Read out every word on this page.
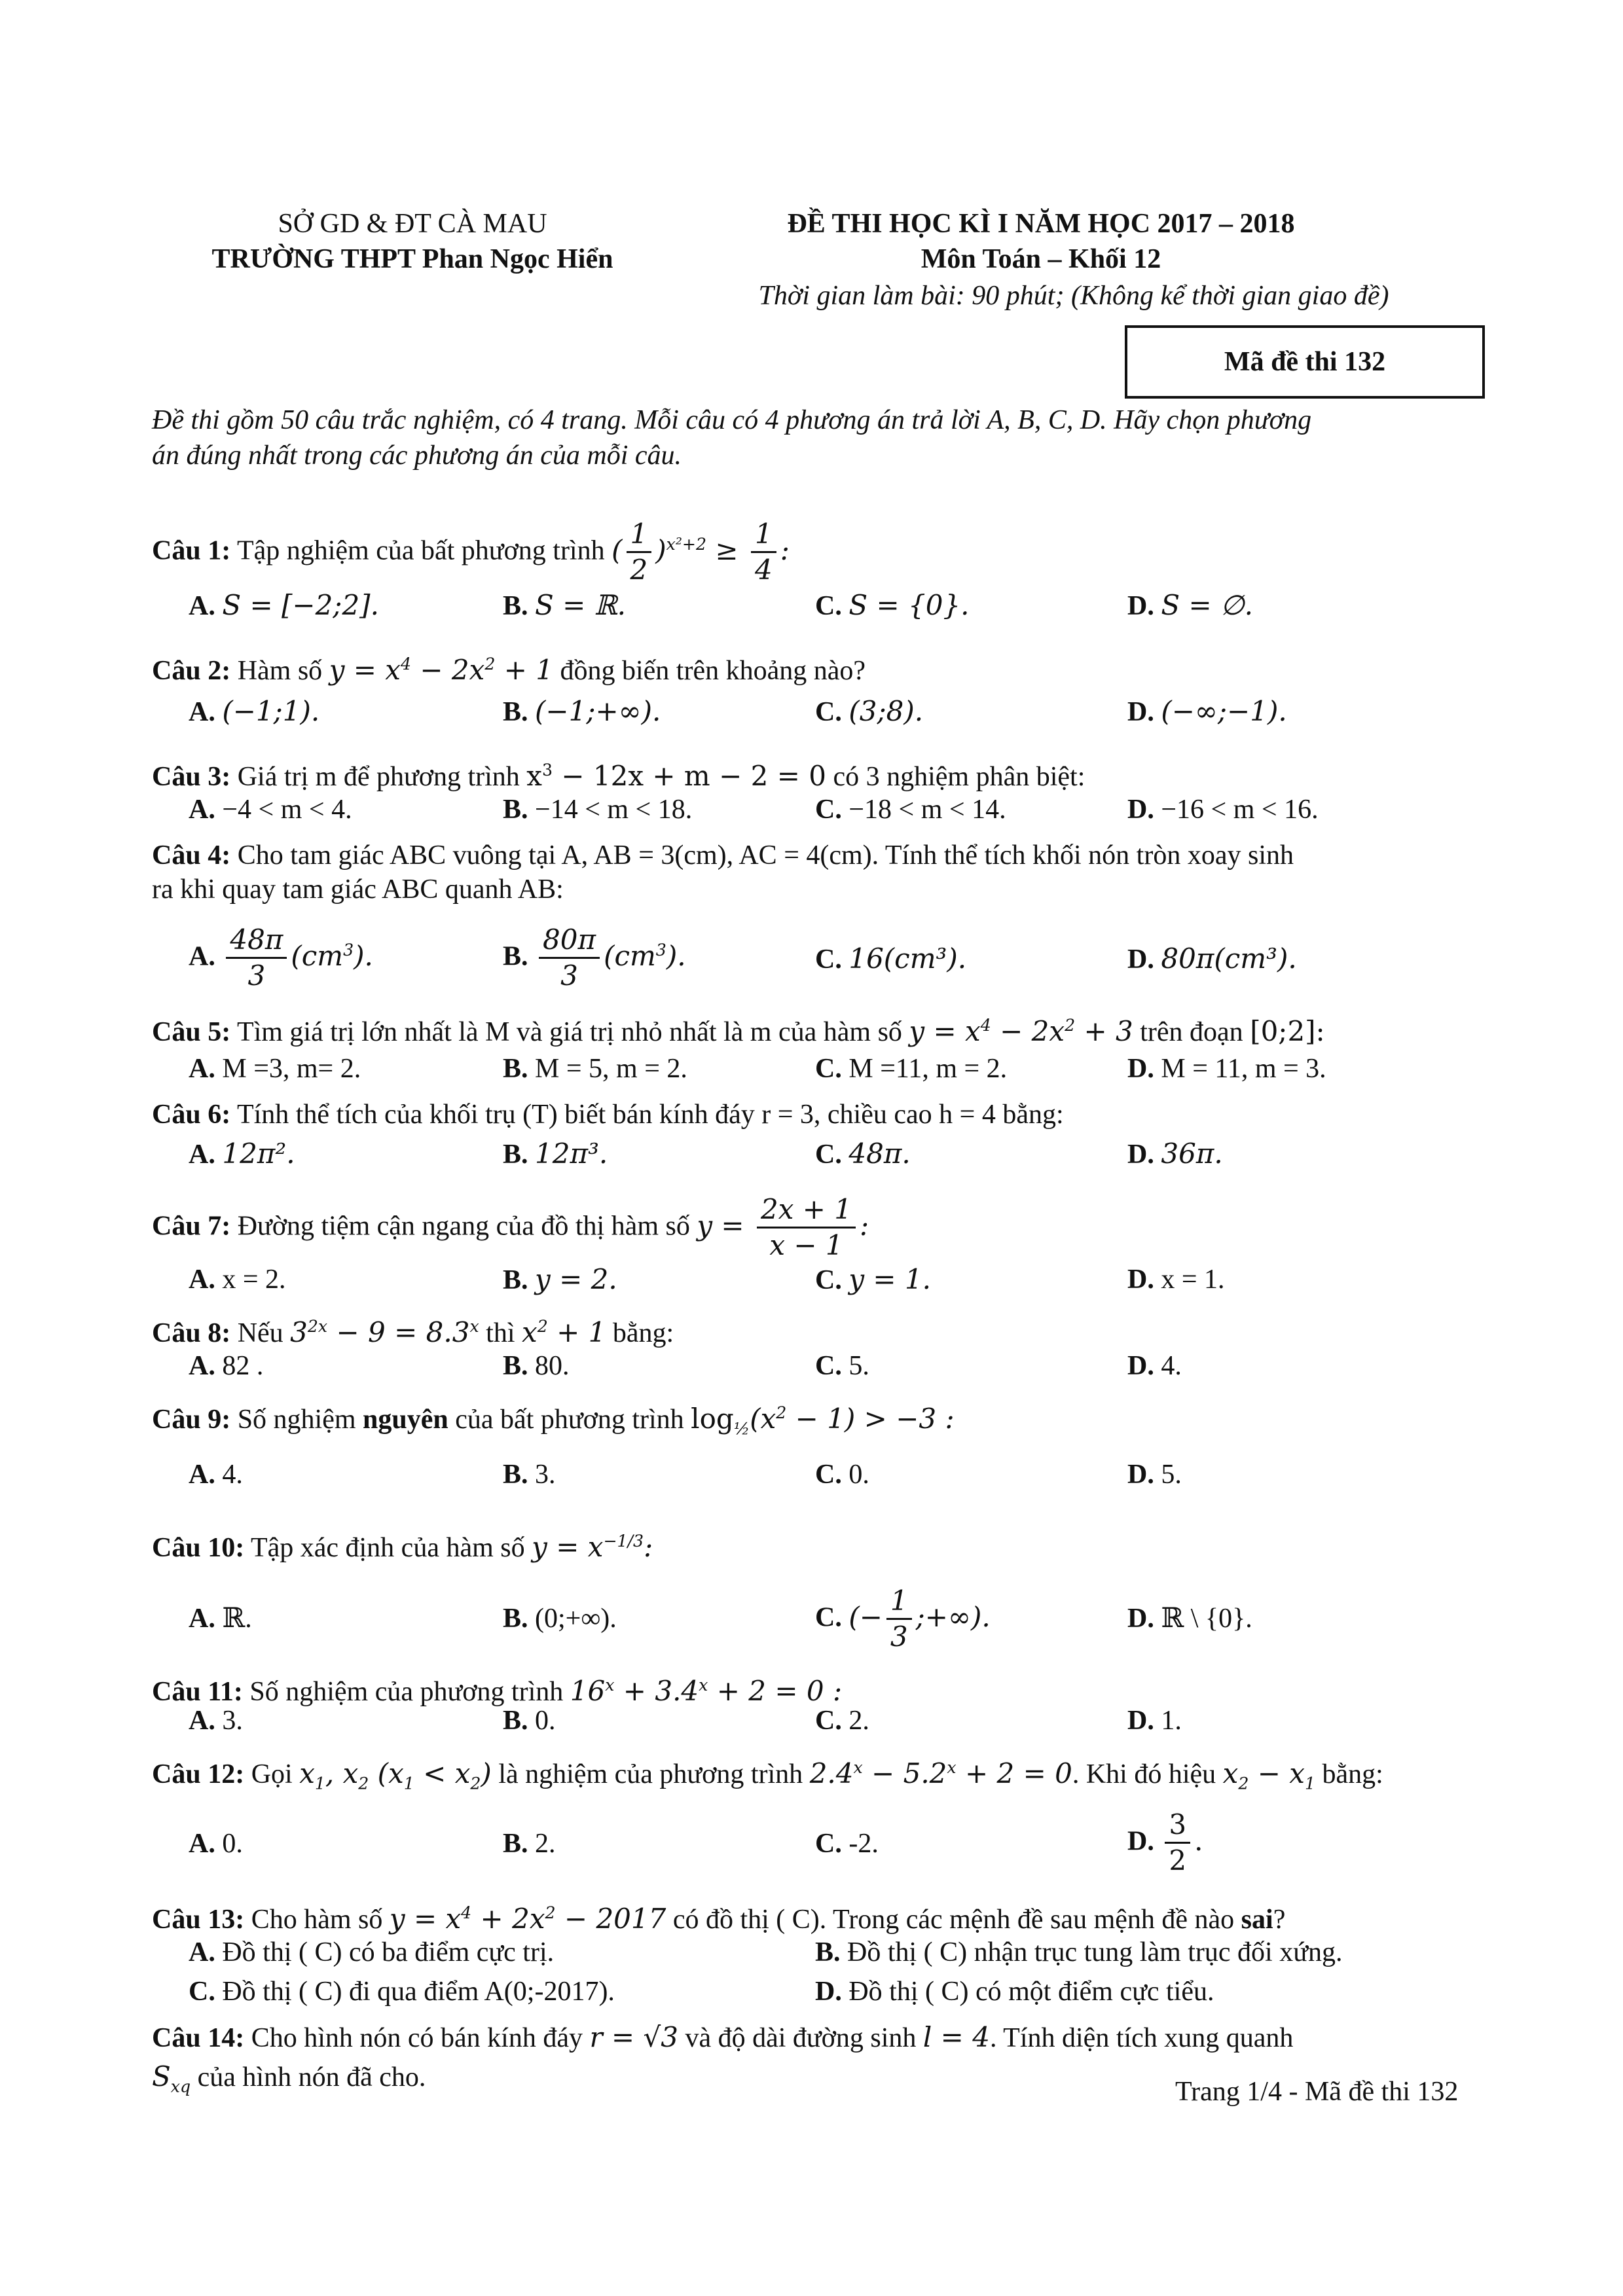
SỞ GD & ĐT CÀ MAU
TRƯỜNG THPT Phan Ngọc Hiển
ĐỀ THI HỌC KÌ I NĂM HỌC 2017 – 2018
Môn Toán – Khối 12
Thời gian làm bài: 90 phút; (Không kể thời gian giao đề)
Mã đề thi 132
Đề thi gồm 50 câu trắc nghiệm, có 4 trang. Mỗi câu có 4 phương án trả lời A, B, C, D. Hãy chọn phương
án đúng nhất trong các phương án của mỗi câu.
Câu 1: Tập nghiệm của bất phương trình ( $\frac{1}{2} )^{x^2+2} \ge \frac{1}{4}$ :
A. S = [−2;2].	B. S = ℝ.	C. S = {0}.	D. S = ∅.
Câu 2: Hàm số $y = x^4 - 2x^2 + 1$ đồng biến trên khoảng nào?
A. (−1;1).	B. (−1;+∞).	C. (3;8).	D. (−∞;−1).
Câu 3: Giá trị m để phương trình $x^3 - 12x + m - 2 = 0$ có 3 nghiệm phân biệt:
A. −4 < m < 4.	B. −14 < m < 18.	C. −18 < m < 14.	D. −16 < m < 16.
Câu 4: Cho tam giác ABC vuông tại A, AB = 3(cm), AC = 4(cm). Tính thể tích khối nón tròn xoay sinh
ra khi quay tam giác ABC quanh AB:
A. $\frac{48\pi}{3} (cm^3)$.	B. $\frac{80\pi}{3} (cm^3)$.	C. 16(cm³).	D. 80π(cm³).
Câu 5: Tìm giá trị lớn nhất là M và giá trị nhỏ nhất là m của hàm số $y = x^4 - 2x^2 + 3$ trên đoạn [0;2]:
A. M =3, m= 2.	B. M = 5, m = 2.	C. M =11, m = 2.	D. M = 11, m = 3.
Câu 6: Tính thể tích của khối trụ (T) biết bán kính đáy r = 3, chiều cao h = 4 bằng:
A. 12π².	B. 12π³.	C. 48π.	D. 36π.
Câu 7: Đường tiệm cận ngang của đồ thị hàm số $y = \frac{2x + 1}{x - 1}$ :
A. x = 2.	B. y = 2.	C. y = 1.	D. x = 1.
Câu 8: Nếu $3^{2x} - 9 = 8.3^x$ thì $x^2 + 1$ bằng:
A. 82 .	B. 80.	C. 5.	D. 4.
Câu 9: Số nghiệm nguyên của bất phương trình $\log_{\frac{1}{2}}(x^2 - 1) > -3$ :
A. 4.	B. 3.	C. 0.	D. 5.
Câu 10: Tập xác định của hàm số $y = x^{-1/3}$:
A. ℝ.	B. (0;+∞).	C. (− $\frac{1}{3}$ ;+∞).	D. ℝ \ {0}.
Câu 11: Số nghiệm của phương trình $16^x + 3.4^x + 2 = 0$ :
A. 3.	B. 0.	C. 2.	D. 1.
Câu 12: Gọi $x_1$, $x_2$ $(x_1 < x_2)$ là nghiệm của phương trình $2.4^x - 5.2^x + 2 = 0$. Khi đó hiệu $x_2 - x_1$ bằng:
A. 0.	B. 2.	C. -2.	D. $\frac{3}{2}$ .
Câu 13: Cho hàm số $y = x^4 + 2x^2 - 2017$ có đồ thị ( C). Trong các mệnh đề sau mệnh đề nào sai?
A. Đồ thị ( C) có ba điểm cực trị.	B. Đồ thị ( C) nhận trục tung làm trục đối xứng.
C. Đồ thị ( C) đi qua điểm A(0;-2017).	D. Đồ thị ( C) có một điểm cực tiểu.
Câu 14: Cho hình nón có bán kính đáy r = √3 và độ dài đường sinh l = 4. Tính diện tích xung quanh
$S_{xq}$ của hình nón đã cho.	Trang 1/4 - Mã đề thi 132
